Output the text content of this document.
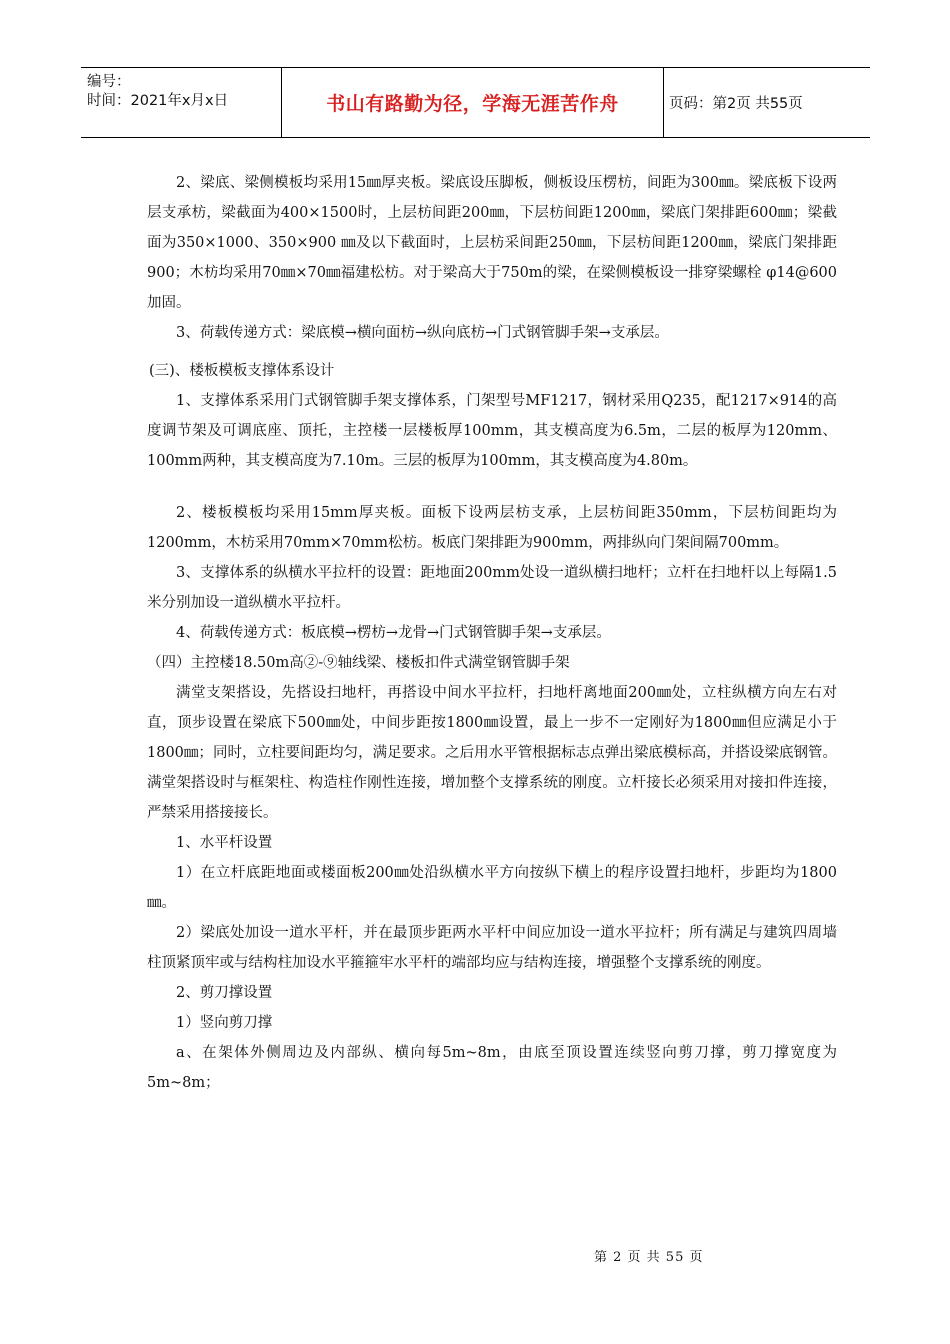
编号：
时间：2021年x月x日	书山有路勤为径，学海无涯苦作舟	页码：第2页 共55页

2、梁底、梁侧模板均采用15㎜厚夹板。梁底设压脚板，侧板设压楞枋，间距为300㎜。梁底板下设两层支承枋，梁截面为400×1500时，上层枋间距200㎜，下层枋间距1200㎜，梁底门架排距600㎜；梁截面为350×1000、350×900 ㎜及以下截面时，上层枋采间距250㎜，下层枋间距1200㎜，梁底门架排距900；木枋均采用70㎜×70㎜福建松枋。对于梁高大于750m的梁，在梁侧模板设一排穿梁螺栓 φ14@600加固。

3、荷载传递方式：梁底模→横向面枋→纵向底枋→门式钢管脚手架→支承层。

(三)、楼板模板支撑体系设计

1、支撑体系采用门式钢管脚手架支撑体系，门架型号MF1217，钢材采用Q235，配1217×914的高度调节架及可调底座、顶托，主控楼一层楼板厚100mm，其支模高度为6.5m，二层的板厚为120mm、100mm两种，其支模高度为7.10m。三层的板厚为100mm，其支模高度为4.80m。

2、楼板模板均采用15mm厚夹板。面板下设两层枋支承，上层枋间距350mm，下层枋间距均为1200mm，木枋采用70mm×70mm松枋。板底门架排距为900mm，两排纵向门架间隔700mm。

3、支撑体系的纵横水平拉杆的设置：距地面200mm处设一道纵横扫地杆；立杆在扫地杆以上每隔1.5米分别加设一道纵横水平拉杆。

4、荷载传递方式：板底模→楞枋→龙骨→门式钢管脚手架→支承层。

（四）主控楼18.50m高②-⑨轴线梁、楼板扣件式满堂钢管脚手架

满堂支架搭设，先搭设扫地杆，再搭设中间水平拉杆，扫地杆离地面200㎜处，立柱纵横方向左右对直，顶步设置在梁底下500㎜处，中间步距按1800㎜设置，最上一步不一定刚好为1800㎜但应满足小于1800㎜；同时，立柱要间距均匀，满足要求。之后用水平管根据标志点弹出梁底模标高，并搭设梁底钢管。满堂架搭设时与框架柱、构造柱作刚性连接，增加整个支撑系统的刚度。立杆接长必须采用对接扣件连接，严禁采用搭接接长。

1、水平杆设置

1）在立杆底距地面或楼面板200㎜处沿纵横水平方向按纵下横上的程序设置扫地杆，步距均为1800㎜。

2）梁底处加设一道水平杆，并在最顶步距两水平杆中间应加设一道水平拉杆；所有满足与建筑四周墙柱顶紧顶牢或与结构柱加设水平箍箍牢水平杆的端部均应与结构连接，增强整个支撑系统的刚度。

2、剪刀撑设置

1）竖向剪刀撑

a、在架体外侧周边及内部纵、横向每5m~8m，由底至顶设置连续竖向剪刀撑，剪刀撑宽度为5m~8m；

第 2 页 共 55 页
